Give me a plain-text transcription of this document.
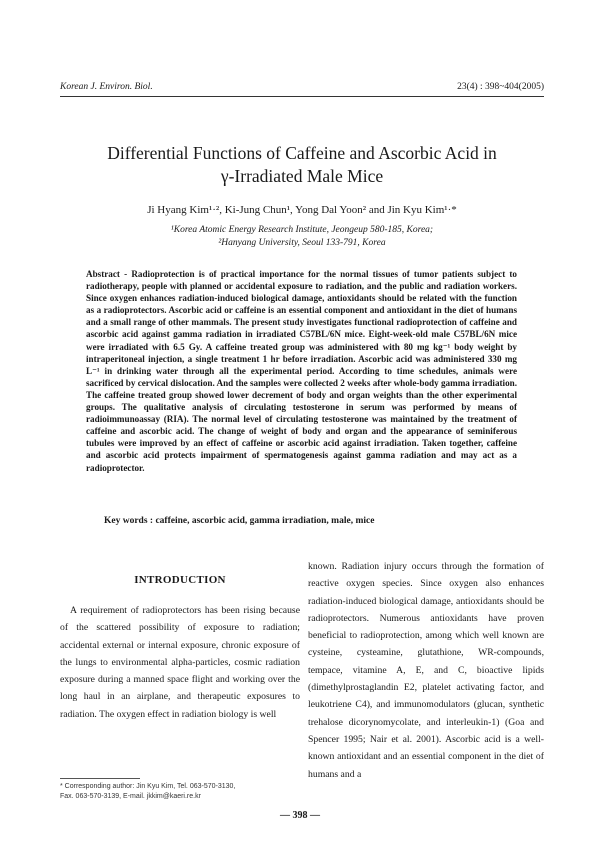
Korean J. Environ. Biol.	23(4) : 398~404(2005)
Differential Functions of Caffeine and Ascorbic Acid in
γ-Irradiated Male Mice
Ji Hyang Kim¹·², Ki-Jung Chun¹, Yong Dal Yoon² and Jin Kyu Kim¹·*
¹Korea Atomic Energy Research Institute, Jeongeup 580-185, Korea;
²Hanyang University, Seoul 133-791, Korea

Abstract - Radioprotection is of practical importance for the normal tissues of tumor patients subject to radiotherapy, people with planned or accidental exposure to radiation, and the public and radiation workers. Since oxygen enhances radiation-induced biological damage, antioxidants should be related with the function as a radioprotectors. Ascorbic acid or caffeine is an essential component and antioxidant in the diet of humans and a small range of other mammals. The present study investigates functional radioprotection of caffeine and ascorbic acid against gamma radiation in irradiated C57BL/6N mice. Eight-week-old male C57BL/6N mice were irradiated with 6.5 Gy. A caffeine treated group was administered with 80 mg kg⁻¹ body weight by intraperitoneal injection, a single treatment 1 hr before irradiation. Ascorbic acid was administered 330 mg L⁻¹ in drinking water through all the experimental period. According to time schedules, animals were sacrificed by cervical dislocation. And the samples were collected 2 weeks after whole-body gamma irradiation. The caffeine treated group showed lower decrement of body and organ weights than the other experimental groups. The qualitative analysis of circulating testosterone in serum was performed by means of radioimmunoassay (RIA). The normal level of circulating testosterone was maintained by the treatment of caffeine and ascorbic acid. The change of weight of body and organ and the appearance of seminiferous tubules were improved by an effect of caffeine or ascorbic acid against irradiation. Taken together, caffeine and ascorbic acid protects impairment of spermatogenesis against gamma radiation and may act as a radioprotector.

Key words : caffeine, ascorbic acid, gamma irradiation, male, mice
INTRODUCTION

A requirement of radioprotectors has been rising because of the scattered possibility of exposure to radiation; accidental external or internal exposure, chronic exposure of the lungs to environmental alpha-particles, cosmic radiation exposure during a manned space flight and working over the long haul in an airplane, and therapeutic exposures to radiation. The oxygen effect in radiation biology is well

known. Radiation injury occurs through the formation of reactive oxygen species. Since oxygen also enhances radiation-induced biological damage, antioxidants should be radioprotectors. Numerous antioxidants have proven beneficial to radioprotection, among which well known are cysteine, cysteamine, glutathione, WR-compounds, tempace, vitamine A, E, and C, bioactive lipids (dimethylprostaglandin E2, platelet activating factor, and leukotriene C4), and immunomodulators (glucan, synthetic trehalose dicorynomycolate, and interleukin-1) (Goa and Spencer 1995; Nair et al. 2001). Ascorbic acid is a well-known antioxidant and an essential component in the diet of humans and a

* Corresponding author: Jin Kyu Kim, Tel. 063-570-3130,
Fax. 063-570-3139, E-mail. jkkim@kaeri.re.kr
— 398 —
